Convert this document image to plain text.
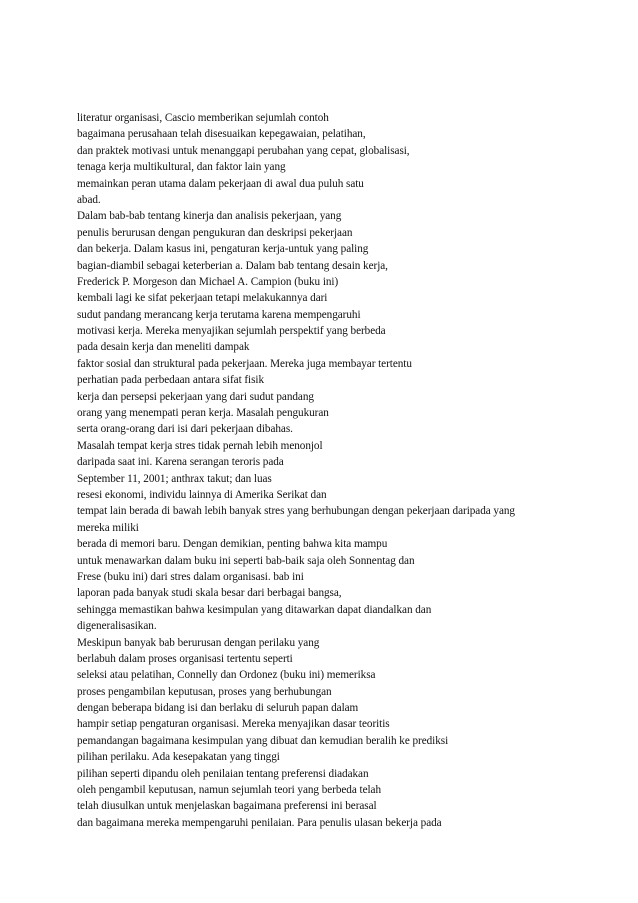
literatur organisasi, Cascio memberikan sejumlah contoh
bagaimana perusahaan telah disesuaikan kepegawaian, pelatihan,
dan praktek motivasi untuk menanggapi perubahan yang cepat, globalisasi,
tenaga kerja multikultural, dan faktor lain yang
memainkan peran utama dalam pekerjaan di awal dua puluh satu
abad.
Dalam bab-bab tentang kinerja dan analisis pekerjaan, yang
penulis berurusan dengan pengukuran dan deskripsi pekerjaan
dan bekerja. Dalam kasus ini, pengaturan kerja-untuk yang paling
bagian-diambil sebagai keterberian a. Dalam bab tentang desain kerja,
Frederick P. Morgeson dan Michael A. Campion (buku ini)
kembali lagi ke sifat pekerjaan tetapi melakukannya dari
sudut pandang merancang kerja terutama karena mempengaruhi
motivasi kerja. Mereka menyajikan sejumlah perspektif yang berbeda
pada desain kerja dan meneliti dampak
faktor sosial dan struktural pada pekerjaan. Mereka juga membayar tertentu
perhatian pada perbedaan antara sifat fisik
kerja dan persepsi pekerjaan yang dari sudut pandang
orang yang menempati peran kerja. Masalah pengukuran
serta orang-orang dari isi dari pekerjaan dibahas.
Masalah tempat kerja stres tidak pernah lebih menonjol
daripada saat ini. Karena serangan teroris pada
September 11, 2001; anthrax takut; dan luas
resesi ekonomi, individu lainnya di Amerika Serikat dan
tempat lain berada di bawah lebih banyak stres yang berhubungan dengan pekerjaan daripada yang
mereka miliki
berada di memori baru. Dengan demikian, penting bahwa kita mampu
untuk menawarkan dalam buku ini seperti bab-baik saja oleh Sonnentag dan
Frese (buku ini) dari stres dalam organisasi. bab ini
laporan pada banyak studi skala besar dari berbagai bangsa,
sehingga memastikan bahwa kesimpulan yang ditawarkan dapat diandalkan dan
digeneralisasikan.
Meskipun banyak bab berurusan dengan perilaku yang
berlabuh dalam proses organisasi tertentu seperti
seleksi atau pelatihan, Connelly dan Ordonez (buku ini) memeriksa
proses pengambilan keputusan, proses yang berhubungan
dengan beberapa bidang isi dan berlaku di seluruh papan dalam
hampir setiap pengaturan organisasi. Mereka menyajikan dasar teoritis
pemandangan bagaimana kesimpulan yang dibuat dan kemudian beralih ke prediksi
pilihan perilaku. Ada kesepakatan yang tinggi
pilihan seperti dipandu oleh penilaian tentang preferensi diadakan
oleh pengambil keputusan, namun sejumlah teori yang berbeda telah
telah diusulkan untuk menjelaskan bagaimana preferensi ini berasal
dan bagaimana mereka mempengaruhi penilaian. Para penulis ulasan bekerja pada
